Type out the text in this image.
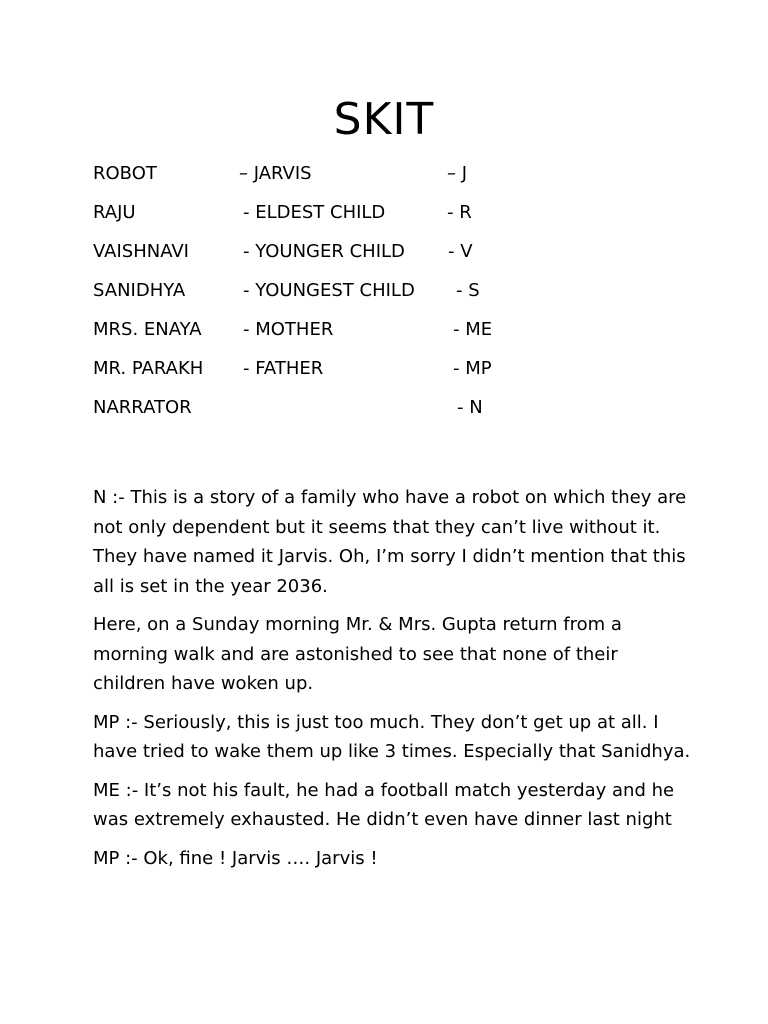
SKIT
ROBOT	– JARVIS	– J
RAJU	- ELDEST CHILD	- R
VAISHNAVI	- YOUNGER CHILD - V
SANIDHYA	- YOUNGEST CHILD - S
MRS. ENAYA - MOTHER	- ME
MR. PARAKH - FATHER	- MP
NARRATOR	- N

N :- This is a story of a family who have a robot on which they are not only dependent but it seems that they can’t live without it. They have named it Jarvis. Oh, I’m sorry I didn’t mention that this all is set in the year 2036.

Here, on a Sunday morning Mr. & Mrs. Gupta return from a morning walk and are astonished to see that none of their children have woken up.

MP :- Seriously, this is just too much. They don’t get up at all. I have tried to wake them up like 3 times. Especially that Sanidhya.

ME :- It’s not his fault, he had a football match yesterday and he was extremely exhausted. He didn’t even have dinner last night

MP :- Ok, fine ! Jarvis …. Jarvis !
